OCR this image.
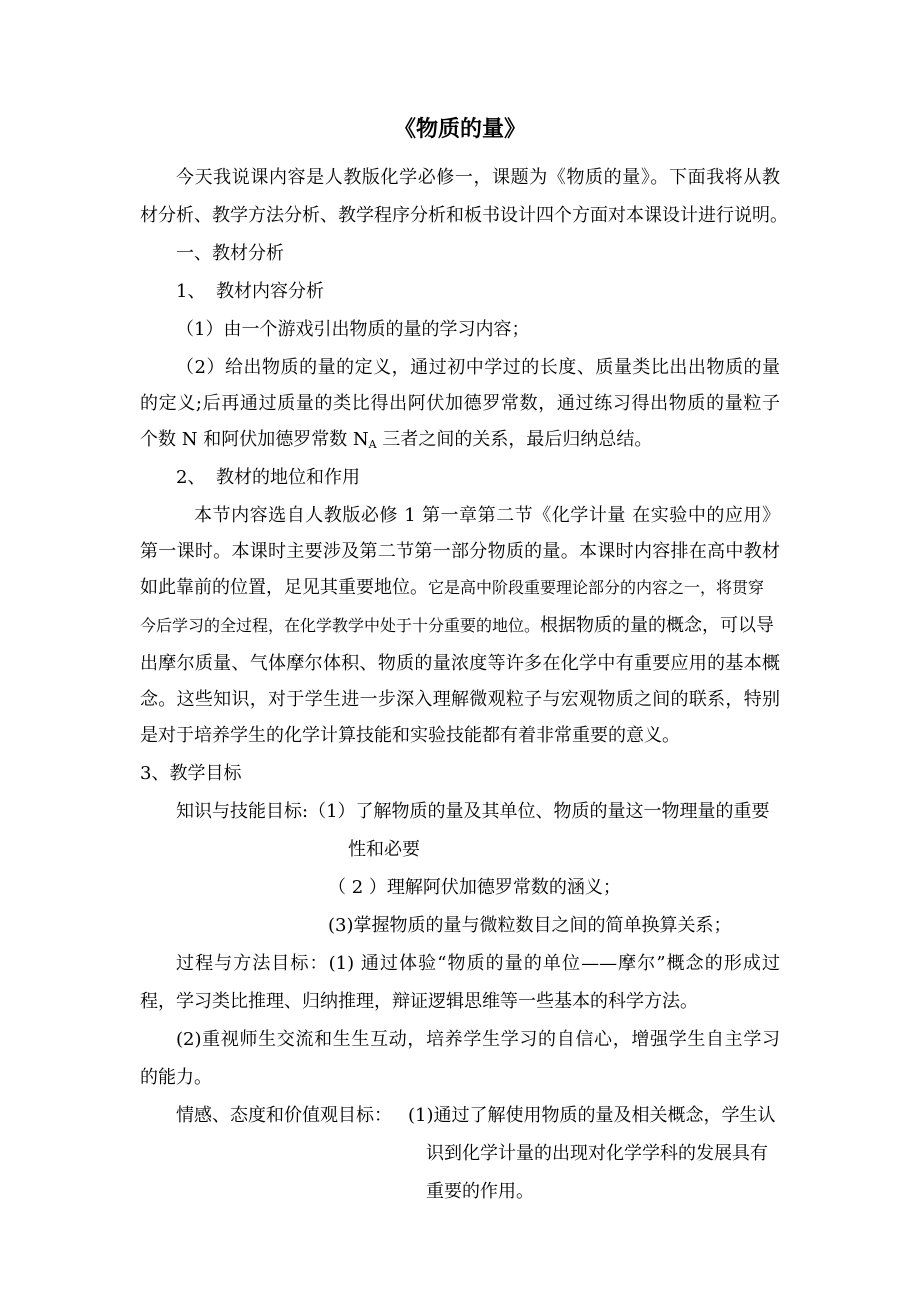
《物质的量》
今天我说课内容是人教版化学必修一，课题为《物质的量》。下面我将从教
材分析、教学方法分析、教学程序分析和板书设计四个方面对本课设计进行说明。
一、教材分析
1、 教材内容分析
（1）由一个游戏引出物质的量的学习内容；
（2）给出物质的量的定义，通过初中学过的长度、质量类比出出物质的量
的定义;后再通过质量的类比得出阿伏加德罗常数，通过练习得出物质的量粒子
个数 N 和阿伏加德罗常数 $N_A$ 三者之间的关系，最后归纳总结。
2、 教材的地位和作用
本节内容选自人教版必修 1 第一章第二节《化学计量 在实验中的应用》
第一课时。本课时主要涉及第二节第一部分物质的量。本课时内容排在高中教材
如此靠前的位置，足见其重要地位。它是高中阶段重要理论部分的内容之一，将贯穿
今后学习的全过程，在化学教学中处于十分重要的地位。根据物质的量的概念，可以导
出摩尔质量、气体摩尔体积、物质的量浓度等许多在化学中有重要应用的基本概
念。这些知识，对于学生进一步深入理解微观粒子与宏观物质之间的联系，特别
是对于培养学生的化学计算技能和实验技能都有着非常重要的意义。
3、教学目标
知识与技能目标:（1）了解物质的量及其单位、物质的量这一物理量的重要
性和必要
（ 2 ）理解阿伏加德罗常数的涵义；
(3)掌握物质的量与微粒数目之间的简单换算关系；
过程与方法目标：(1) 通过体验“物质的量的单位——摩尔”概念的形成过
程，学习类比推理、归纳推理，辩证逻辑思维等一些基本的科学方法。
(2)重视师生交流和生生互动，培养学生学习的自信心，增强学生自主学习
的能力。
情感、态度和价值观目标： (1)通过了解使用物质的量及相关概念，学生认
识到化学计量的出现对化学学科的发展具有
重要的作用。
